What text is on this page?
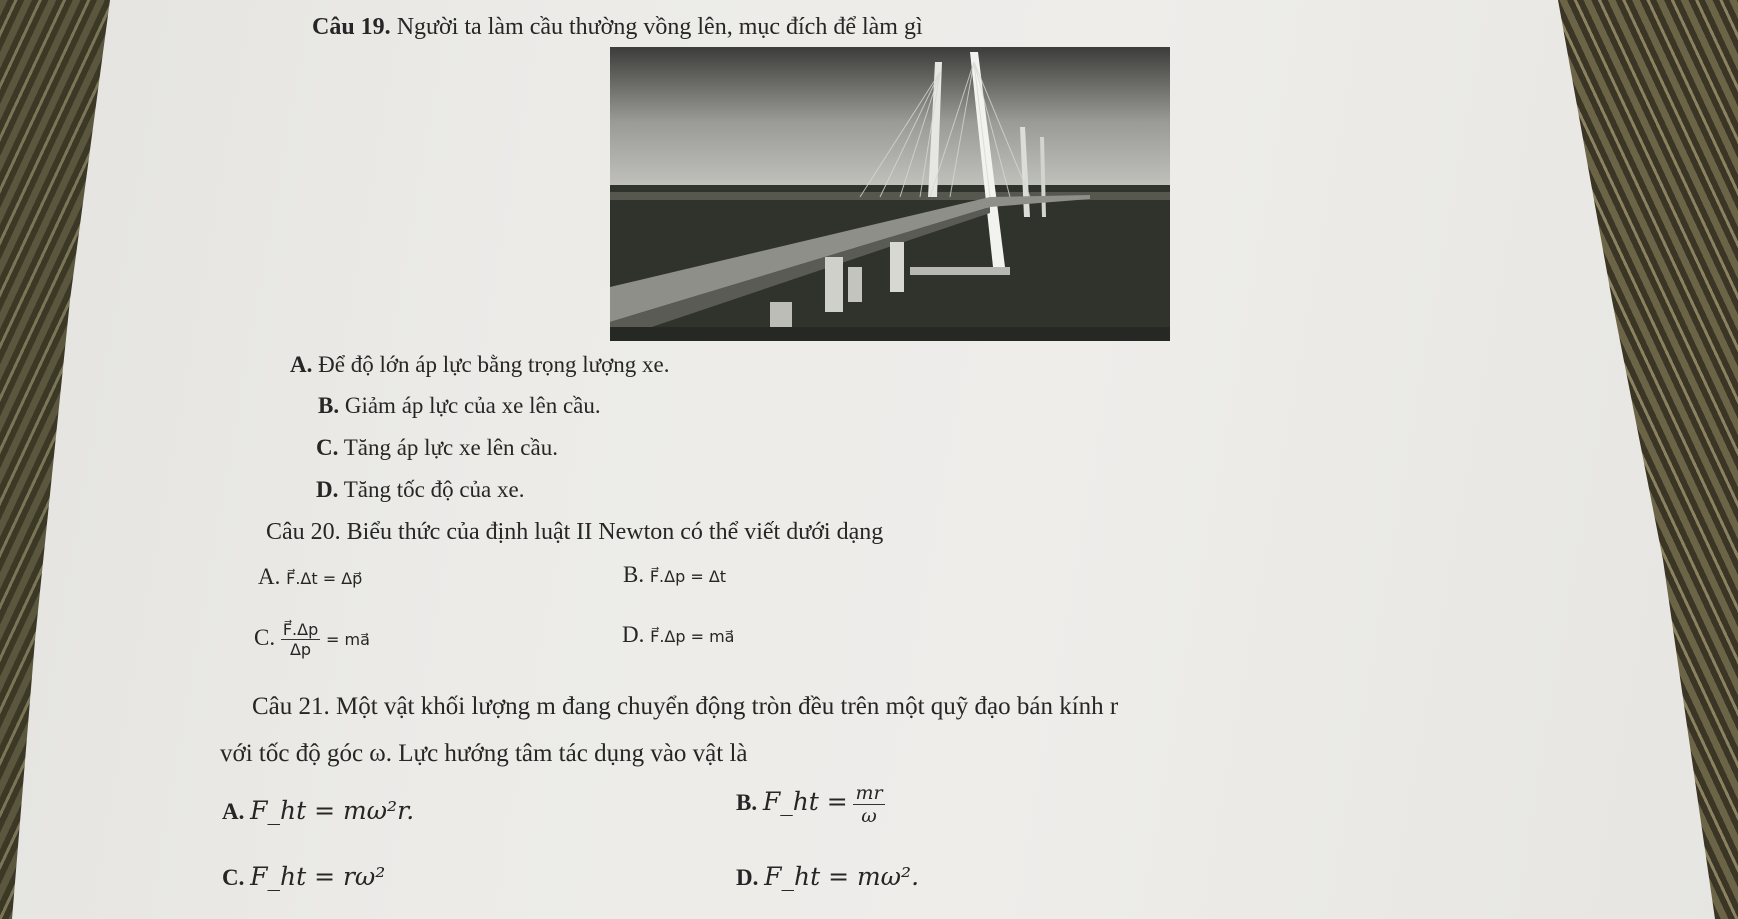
Câu 19. Người ta làm cầu thường vồng lên, mục đích để làm gì
A. Để độ lớn áp lực bằng trọng lượng xe.
B. Giảm áp lực của xe lên cầu.
C. Tăng áp lực xe lên cầu.
D. Tăng tốc độ của xe.
Câu 20. Biểu thức của định luật II Newton có thể viết dưới dạng
A. F⃗.Δt = Δp⃗	B. F⃗.Δp = Δt
C. $\frac{F⃗.\Delta p}{\Delta p}$ = ma⃗	D. F⃗.Δp = ma⃗
Câu 21. Một vật khối lượng m đang chuyển động tròn đều trên một quỹ đạo bán kính r
với tốc độ góc ω. Lực hướng tâm tác dụng vào vật là
A. F_ht = mω²r.	B. F_ht = $\frac{mr}{\omega}$
C. F_ht = rω²	D. F_ht = mω².
